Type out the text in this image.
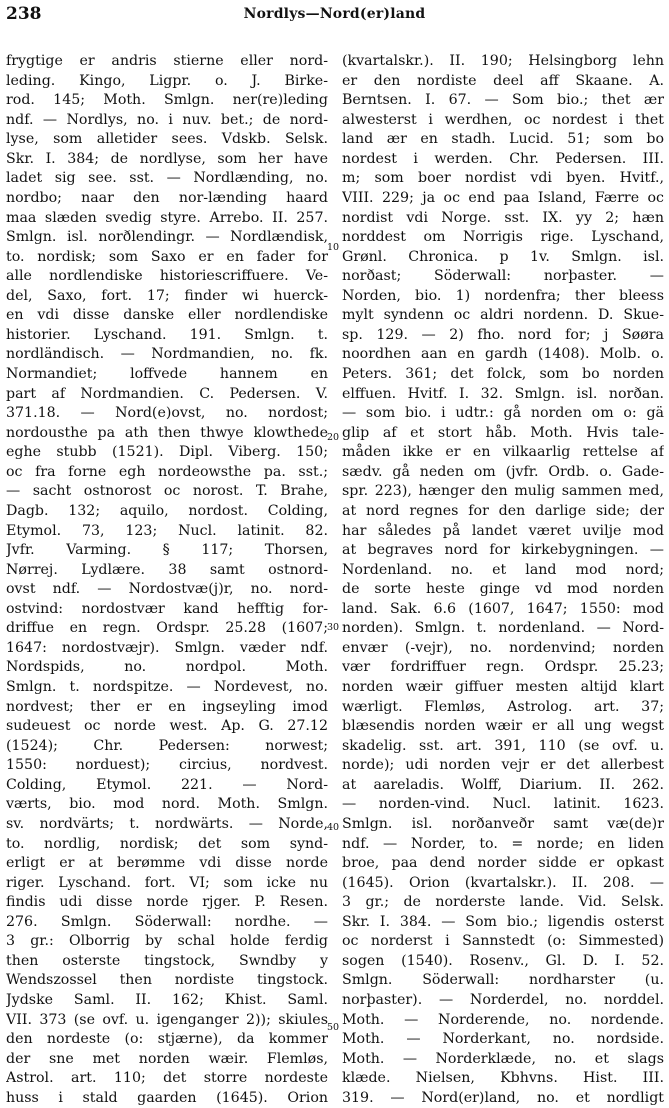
238	Nordlys—Nord(er)land
frygtige er andris stierne eller nord-
leding. Kingo, Ligpr. o. J. Birke-
rod. 145; Moth. Smlgn. ner(re)leding
ndf. — Nordlys, no. i nuv. bet.; de nord-
lyse, som alletider sees. Vdskb. Selsk.
Skr. I. 384; de nordlyse, som her have
ladet sig see. sst. — Nordlænding, no.
nordbo; naar den nor-lænding haard
maa slæden svedig styre. Arrebo. II. 257.
Smlgn. isl. norðlendingr. — Nordlændisk,
to. nordisk; som Saxo er en fader for
alle nordlendiske historiescriffuere. Ve-
del, Saxo, fort. 17; finder wi huerck-
en vdi disse danske eller nordlendiske
historier. Lyschand. 191. Smlgn. t.
nordländisch. — Nordmandien, no. fk.
Normandiet; loffvede hannem en
part af Nordmandien. C. Pedersen. V.
371.18. — Nord(e)ovst, no. nordost;
nordousthe pa ath then thwye klowthede
eghe stubb (1521). Dipl. Viberg. 150;
oc fra forne egh nordeowsthe pa. sst.;
— sacht ostnorost oc norost. T. Brahe,
Dagb. 132; aquilo, nordost. Colding,
Etymol. 73, 123; Nucl. latinit. 82.
Jvfr. Varming. § 117; Thorsen,
Nørrej. Lydlære. 38 samt ostnord-
ovst ndf. — Nordostvæ(j)r, no. nord-
ostvind: nordostvær kand hefftig for-
driffue en regn. Ordspr. 25.28 (1607;
1647: nordostvæjr). Smlgn. væder ndf.
Nordspids, no. nordpol. Moth.
Smlgn. t. nordspitze. — Nordevest, no.
nordvest; ther er en ingseyling imod
sudeuest oc norde west. Ap. G. 27.12
(1524); Chr. Pedersen: norwest;
1550: norduest); circius, nordvest.
Colding, Etymol. 221. — Nord-
værts, bio. mod nord. Moth. Smlgn.
sv. nordvärts; t. nordwärts. — Norde,
to. nordlig, nordisk; det som synd-
erligt er at berømme vdi disse norde
riger. Lyschand. fort. VI; som icke nu
findis udi disse norde rjger. P. Resen.
276. Smlgn. Söderwall: nordhe. —
3 gr.: Olborrig by schal holde ferdig
then osterste tingstock, Swndby y
Wendszossel then nordiste tingstock.
Jydske Saml. II. 162; Khist. Saml.
VII. 373 (se ovf. u. igenganger 2)); skiules
den nordeste (o: stjærne), da kommer
der sne met norden wæir. Flemløs,
Astrol. art. 110; det storre nordeste
huss i stald gaarden (1645). Orion
(kvartalskr.). II. 190; Helsingborg lehn
er den nordiste deel aff Skaane. A.
Berntsen. I. 67. — Som bio.; thet ær
alwesterst i werdhen, oc nordest i thet
land ær en stadh. Lucid. 51; som bo
nordest i werden. Chr. Pedersen. III.
m; som boer nordist vdi byen. Hvitf.,
VIII. 229; ja oc end paa Island, Færre oc
nordist vdi Norge. sst. IX. yy 2; hæn
norddest om Norrigis rige. Lyschand,
Grønl. Chronica. p 1v. Smlgn. isl.
norðast; Söderwall: norþaster. —
Norden, bio. 1) nordenfra; ther bleess
mylt syndenn oc aldri nordenn. D. Skue-
sp. 129. — 2) fho. nord for; j Søøra
noordhen aan en gardh (1408). Molb. o.
Peters. 361; det folck, som bo norden
elffuen. Hvitf. I. 32. Smlgn. isl. norðan.
— som bio. i udtr.: gå norden om o: gä
glip af et stort håb. Moth. Hvis tale-
måden ikke er en vilkaarlig rettelse af
sædv. gå neden om (jvfr. Ordb. o. Gade-
spr. 223), hænger den mulig sammen med,
at nord regnes for den darlige side; der
har således på landet været uvilje mod
at begraves nord for kirkebygningen. —
Nordenland. no. et land mod nord;
de sorte heste ginge vd mod norden
land. Sak. 6.6 (1607, 1647; 1550: mod
norden). Smlgn. t. nordenland. — Nord-
envær (-vejr), no. nordenvind; norden
vær fordriffuer regn. Ordspr. 25.23;
norden wæir giffuer mesten altijd klart
wærligt. Flemløs, Astrolog. art. 37;
blæsendis norden wæir er all ung wegst
skadelig. sst. art. 391, 110 (se ovf. u.
norde); udi norden vejr er det allerbest
at aareladis. Wolff, Diarium. II. 262.
— norden-vind. Nucl. latinit. 1623.
Smlgn. isl. norðanveðr samt væ(de)r
ndf. — Norder, to. = norde; en liden
broe, paa dend norder sidde er opkast
(1645). Orion (kvartalskr.). II. 208. —
3 gr.; de norderste lande. Vid. Selsk.
Skr. I. 384. — Som bio.; ligendis osterst
oc norderst i Sannstedt (o: Simmested)
sogen (1540). Rosenv., Gl. D. I. 52.
Smlgn. Söderwall: nordharster (u.
norþaster). — Norderdel, no. norddel.
Moth. — Norderende, no. nordende.
Moth. — Norderkant, no. nordside.
Moth. — Norderklæde, no. et slags
klæde. Nielsen, Kbhvns. Hist. III.
319. — Nord(er)land, no. et nordligt
10
20
30
40
50
